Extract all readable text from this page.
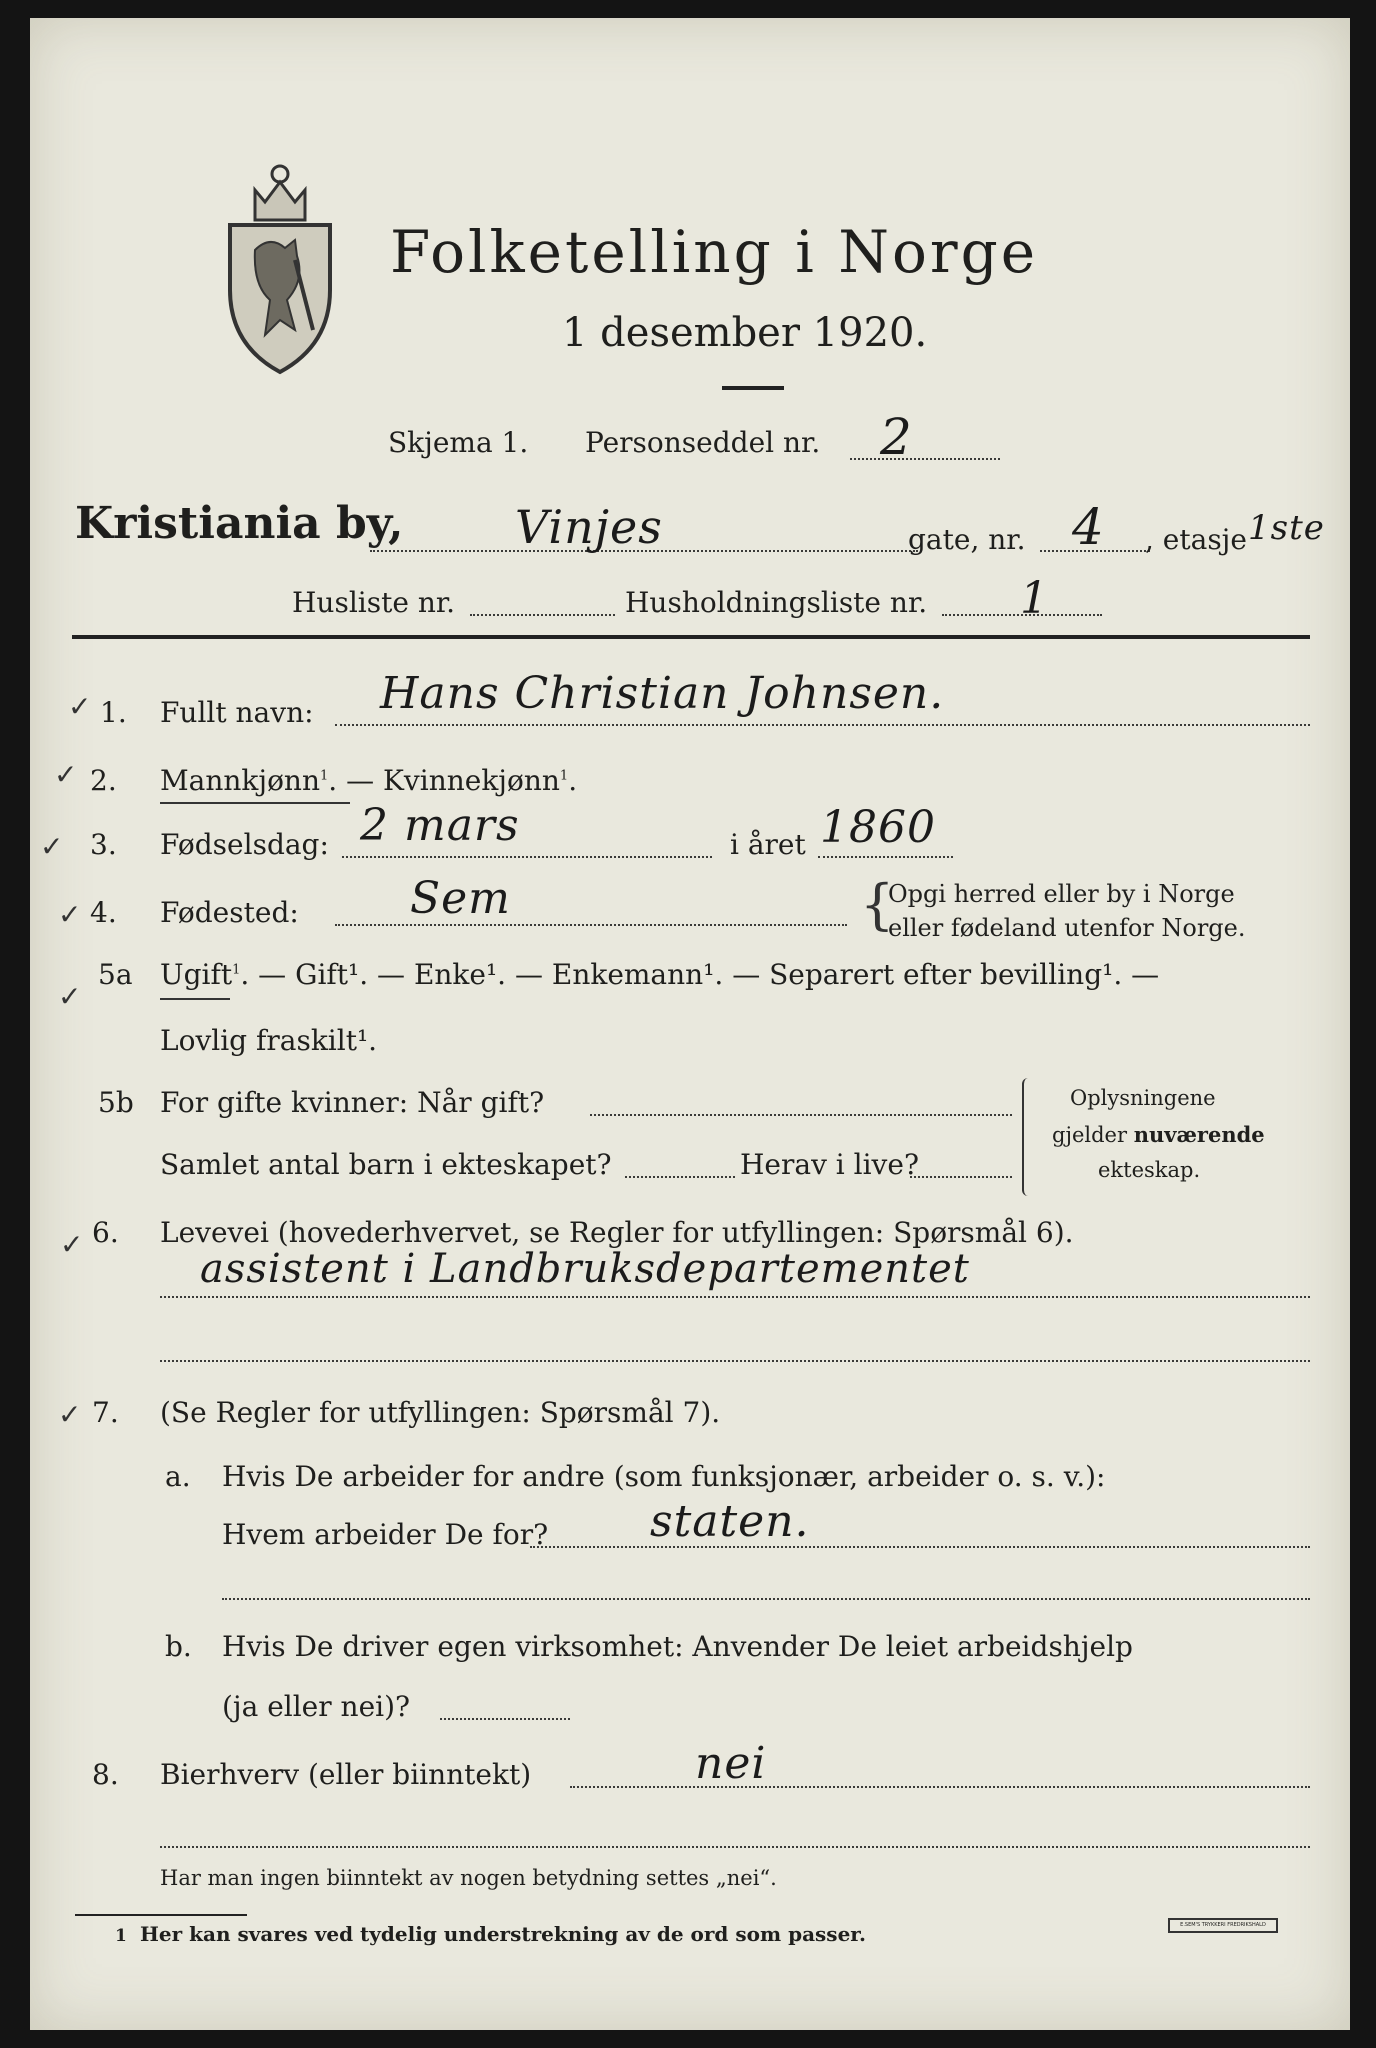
Folketelling i Norge
1 desember 1920.
Skjema 1. Personseddel nr. 2
Kristiania by, Vinjes	gate, nr. 4 , etasje 1ste
Husliste nr.	Husholdningsliste nr. 1
✓ 1. Fullt navn: Hans Christian Johnsen.
✓ 2. Mannkjønn$^1$. — Kvinnekjønn$^1$.
✓ 3. Fødselsdag: 2 mars	i året 1860
✓ 4. Fødested:	Sem	{
Opgi herred eller by i Norge
eller fødeland utenfor Norge.
✓
5a Ugift$^1$. — Gift¹. — Enke¹. — Enkemann¹. — Separert efter bevilling¹. —
Lovlig fraskilt¹.
5b For gifte kvinner: Når gift?
Samlet antal barn i ekteskapet?	Herav i live?
Oplysningene
gjelder nuværende
ekteskap.
✓ 6. Levevei (hovederhvervet, se Regler for utfyllingen: Spørsmål 6).
assistent i Landbruksdepartementet
✓ 7. (Se Regler for utfyllingen: Spørsmål 7).
a. Hvis De arbeider for andre (som funksjonær, arbeider o. s. v.):
Hvem arbeider De for? staten.
b. Hvis De driver egen virksomhet: Anvender De leiet arbeidshjelp
(ja eller nei)?
8. Bierhverv (eller biinntekt)	nei
Har man ingen biinntekt av nogen betydning settes „nei“.
1 Her kan svares ved tydelig understrekning av de ord som passer.	E.SEM'S TRYKKERI FREDRIKSHALD
